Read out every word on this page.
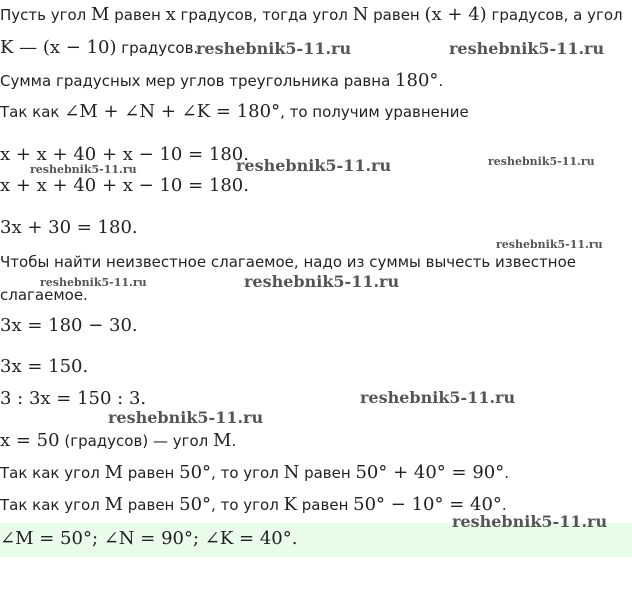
Пусть угол M равен x градусов, тогда угол N равен (x + 4) градусов, а угол
K — (x − 10) градусов.
Сумма градусных мер углов треугольника равна 180°.
Так как ∠M + ∠N + ∠K = 180°, то получим уравнение
x + x + 40 + x − 10 = 180.
x + x + 40 + x − 10 = 180.
3x + 30 = 180.
Чтобы найти неизвестное слагаемое, надо из суммы вычесть известное
слагаемое.
3x = 180 − 30.
3x = 150.
3 : 3x = 150 : 3.
x = 50 (градусов) — угол M.
Так как угол M равен 50°, то угол N равен 50° + 40° = 90°.
Так как угол M равен 50°, то угол K равен 50° − 10° = 40°.
∠M = 50°; ∠N = 90°; ∠K = 40°.
reshebnik5-11.ru	reshebnik5-11.ru
reshebnik5-11.ru	reshebnik5-11.ru	reshebnik5-11.ru
reshebnik5-11.ru
reshebnik5-11.ru	reshebnik5-11.ru
reshebnik5-11.ru
reshebnik5-11.ru
reshebnik5-11.ru
